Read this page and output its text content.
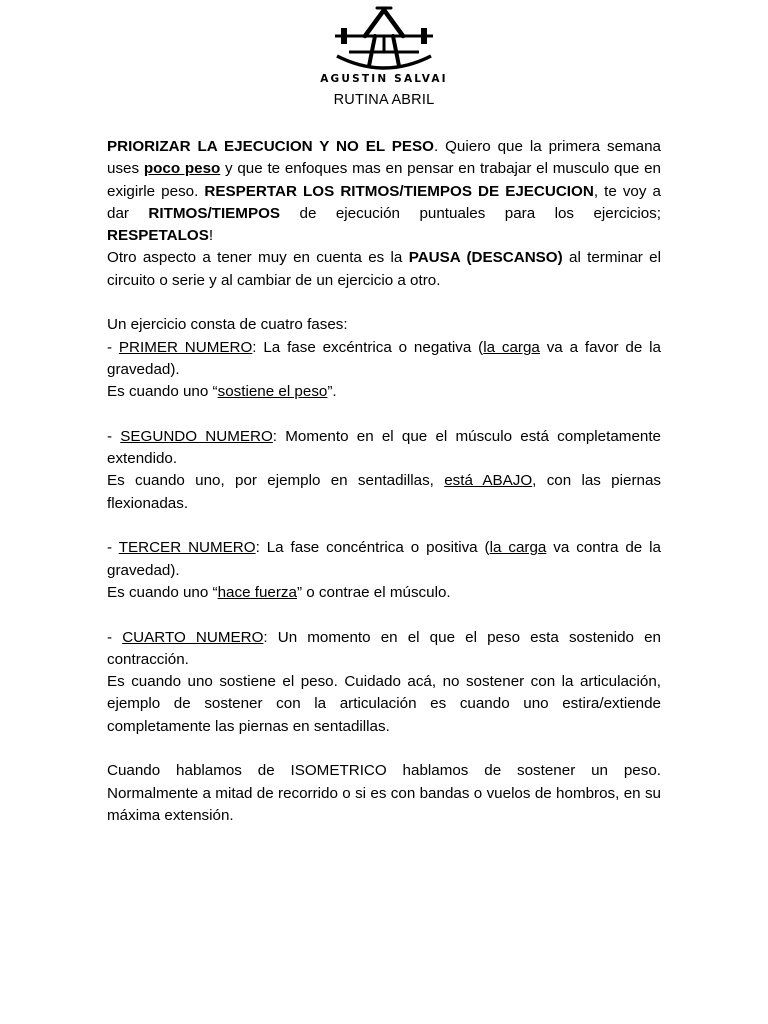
AGUSTIN SALVAI
RUTINA ABRIL

PRIORIZAR LA EJECUCION Y NO EL PESO. Quiero que la primera semana uses poco peso y que te enfoques mas en pensar en trabajar el musculo que en exigirle peso. RESPERTAR LOS RITMOS/TIEMPOS DE EJECUCION, te voy a dar RITMOS/TIEMPOS de ejecución puntuales para los ejercicios; RESPETALOS!

Otro aspecto a tener muy en cuenta es la PAUSA (DESCANSO) al terminar el circuito o serie y al cambiar de un ejercicio a otro.

Un ejercicio consta de cuatro fases:

- PRIMER NUMERO: La fase excéntrica o negativa (la carga va a favor de la gravedad).

Es cuando uno “sostiene el peso”.

- SEGUNDO NUMERO: Momento en el que el músculo está completamente extendido.

Es cuando uno, por ejemplo en sentadillas, está ABAJO, con las piernas flexionadas.

- TERCER NUMERO: La fase concéntrica o positiva (la carga va contra de la gravedad).

Es cuando uno “hace fuerza” o contrae el músculo.

- CUARTO NUMERO: Un momento en el que el peso esta sostenido en contracción.

Es cuando uno sostiene el peso. Cuidado acá, no sostener con la articulación, ejemplo de sostener con la articulación es cuando uno estira/extiende completamente las piernas en sentadillas.

Cuando hablamos de ISOMETRICO hablamos de sostener un peso. Normalmente a mitad de recorrido o si es con bandas o vuelos de hombros, en su máxima extensión.
